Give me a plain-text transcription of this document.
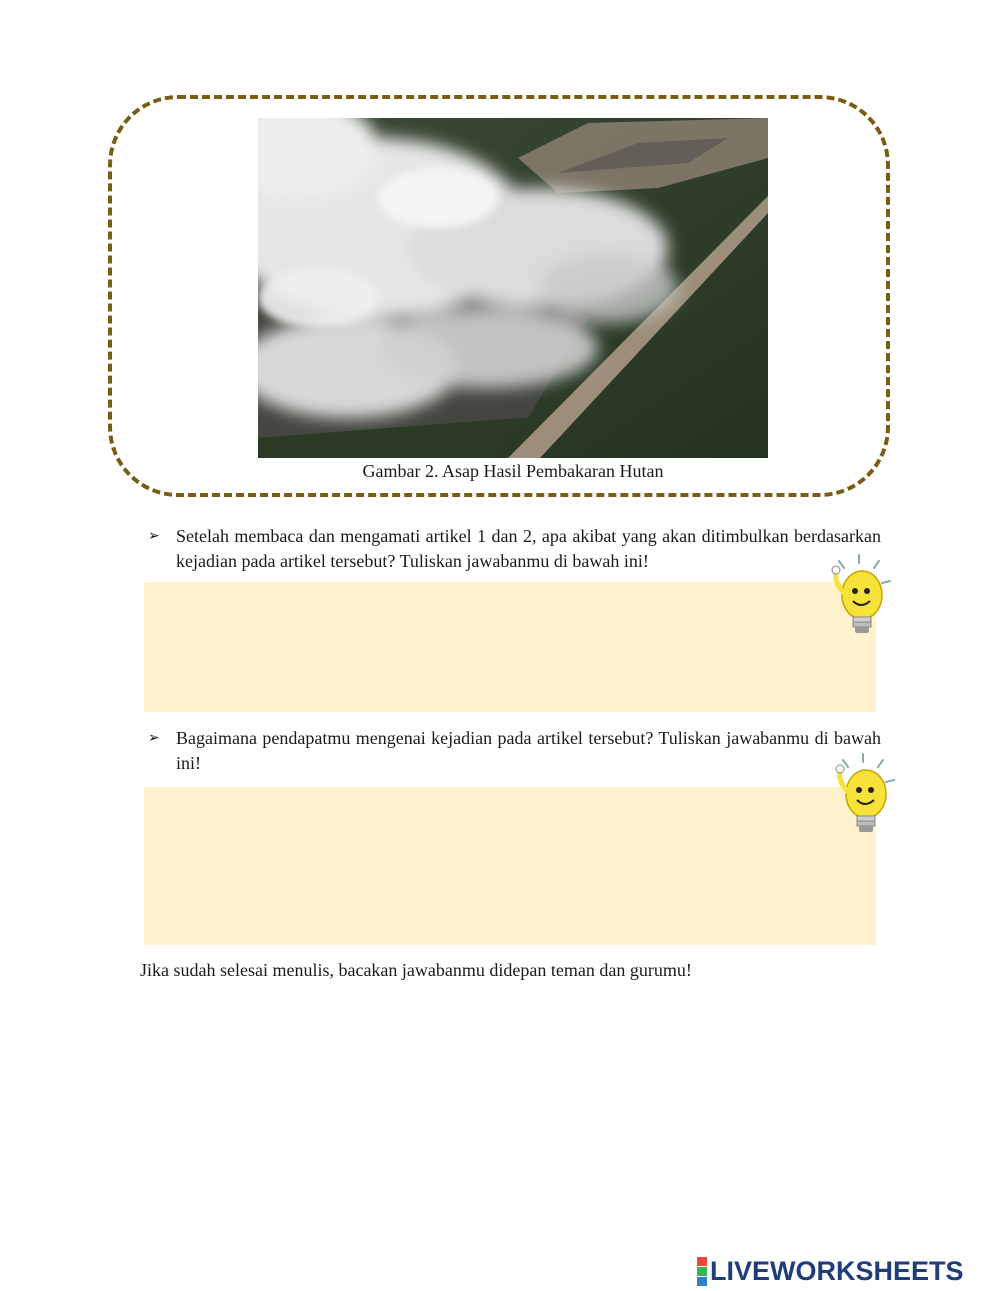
Gambar 2. Asap Hasil Pembakaran Hutan
➢ Setelah membaca dan mengamati artikel 1 dan 2, apa akibat yang akan ditimbulkan berdasarkan kejadian pada artikel tersebut? Tuliskan jawabanmu di bawah ini!
➢ Bagaimana pendapatmu mengenai kejadian pada artikel tersebut? Tuliskan jawabanmu di bawah ini!
Jika sudah selesai menulis, bacakan jawabanmu didepan teman dan gurumu!
LIVEWORKSHEETS
